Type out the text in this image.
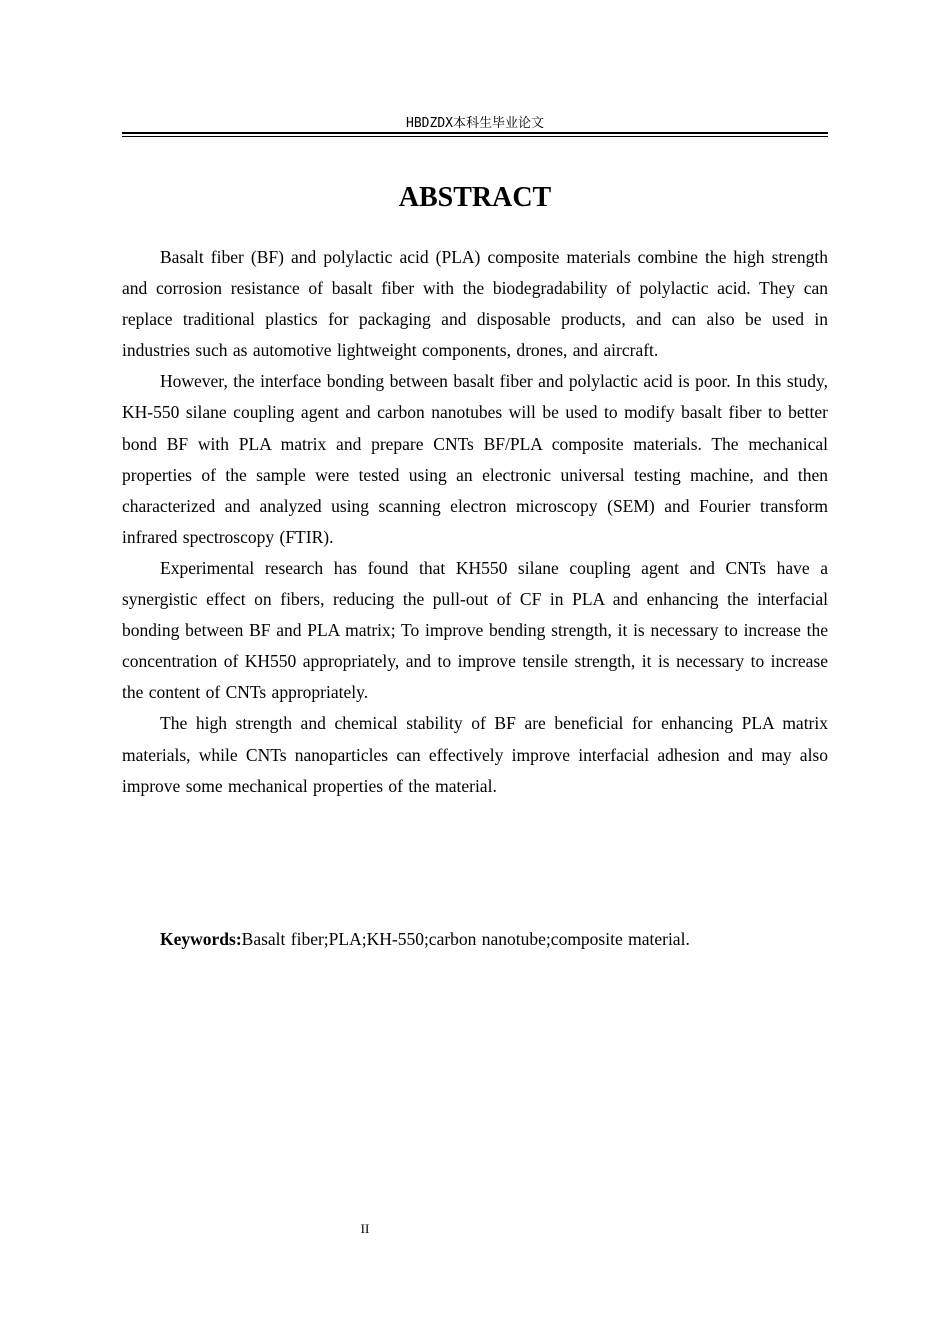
HBDZDX本科生毕业论文
ABSTRACT

Basalt fiber (BF) and polylactic acid (PLA) composite materials combine the high strength and corrosion resistance of basalt fiber with the biodegradability of polylactic acid. They can replace traditional plastics for packaging and disposable products, and can also be used in industries such as automotive lightweight components, drones, and aircraft.

However, the interface bonding between basalt fiber and polylactic acid is poor. In this study, KH-550 silane coupling agent and carbon nanotubes will be used to modify basalt fiber to better bond BF with PLA matrix and prepare CNTs BF/PLA composite materials. The mechanical properties of the sample were tested using an electronic universal testing machine, and then characterized and analyzed using scanning electron microscopy (SEM) and Fourier transform infrared spectroscopy (FTIR).

Experimental research has found that KH550 silane coupling agent and CNTs have a synergistic effect on fibers, reducing the pull-out of CF in PLA and enhancing the interfacial bonding between BF and PLA matrix; To improve bending strength, it is necessary to increase the concentration of KH550 appropriately, and to improve tensile strength, it is necessary to increase the content of CNTs appropriately.

The high strength and chemical stability of BF are beneficial for enhancing PLA matrix materials, while CNTs nanoparticles can effectively improve interfacial adhesion and may also improve some mechanical properties of the material.

Keywords:Basalt fiber;PLA;KH-550;carbon nanotube;composite material.

II
